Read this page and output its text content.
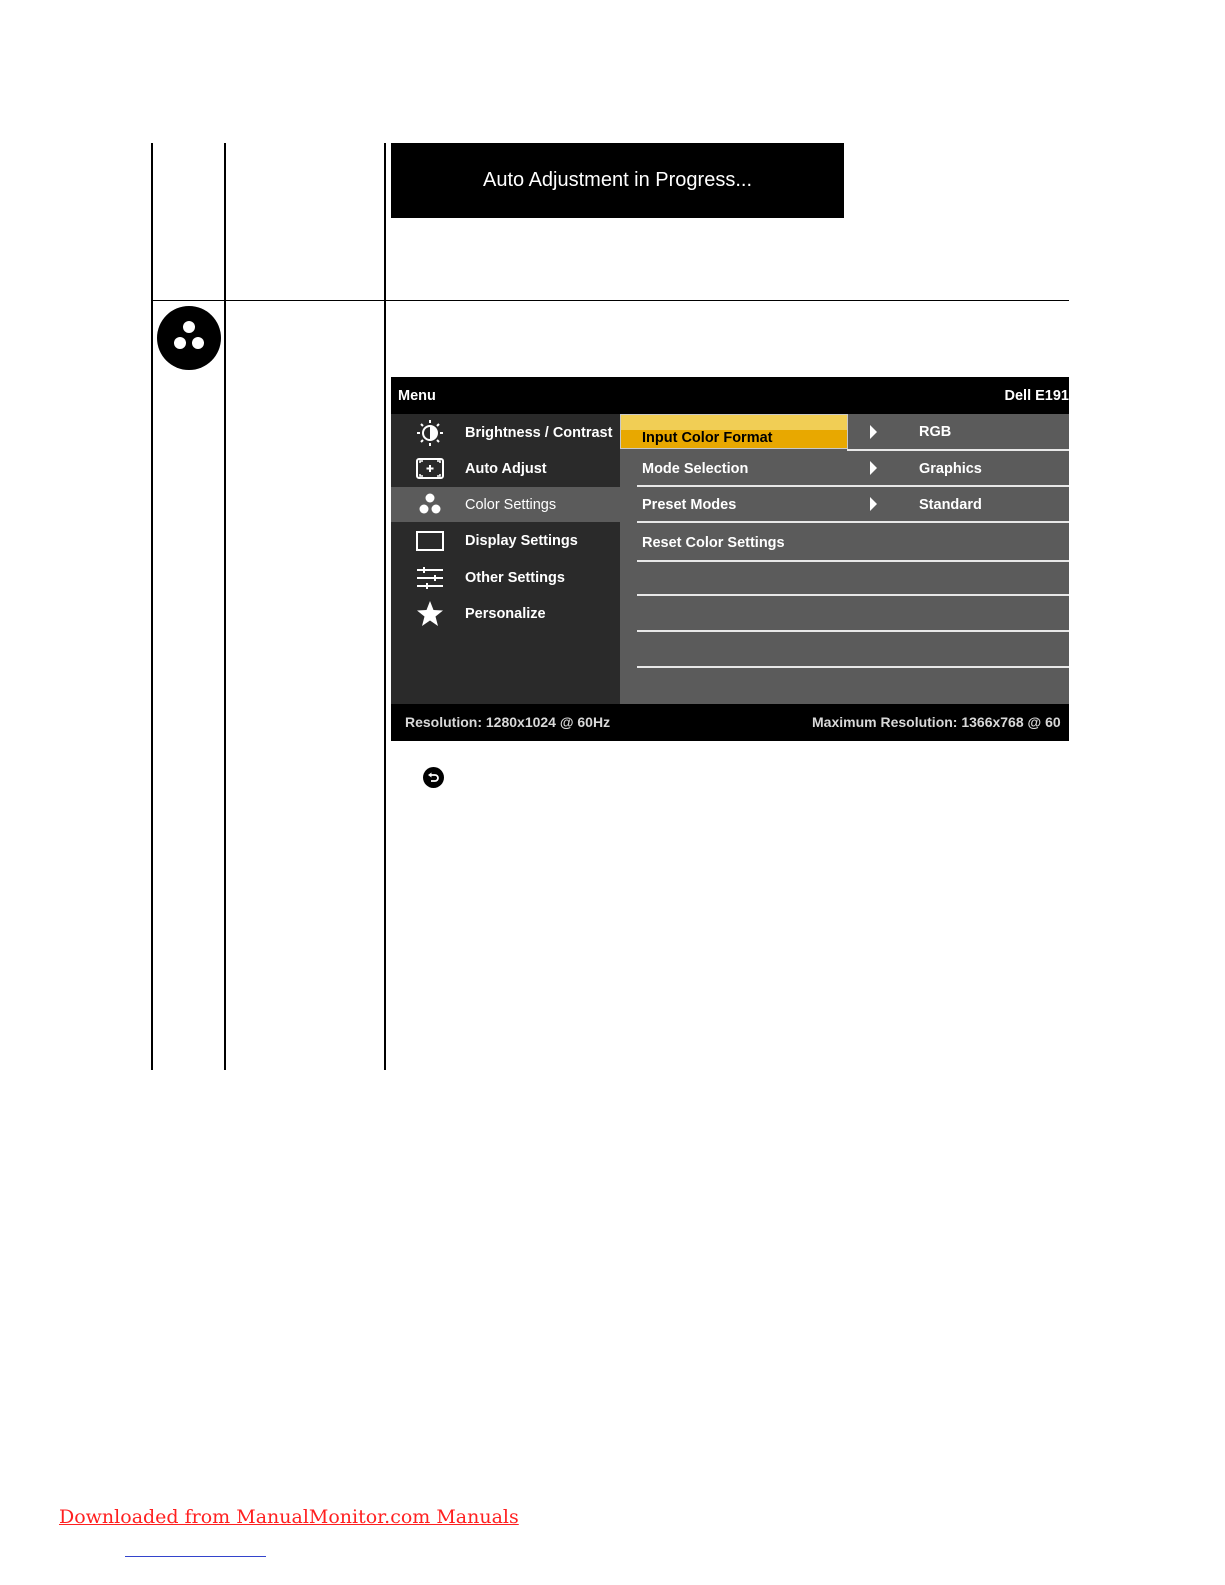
Auto Adjustment in Progress...
Menu	Dell E191
Brightness / Contrast
Auto Adjust
Color Settings
Display Settings
Other Settings
Personalize
Input Color Format	RGB
Mode Selection	Graphics
Preset Modes	Standard
Reset Color Settings
Resolution: 1280x1024 @ 60Hz	Maximum Resolution: 1366x768 @ 60
Downloaded from ManualMonitor.com Manuals
